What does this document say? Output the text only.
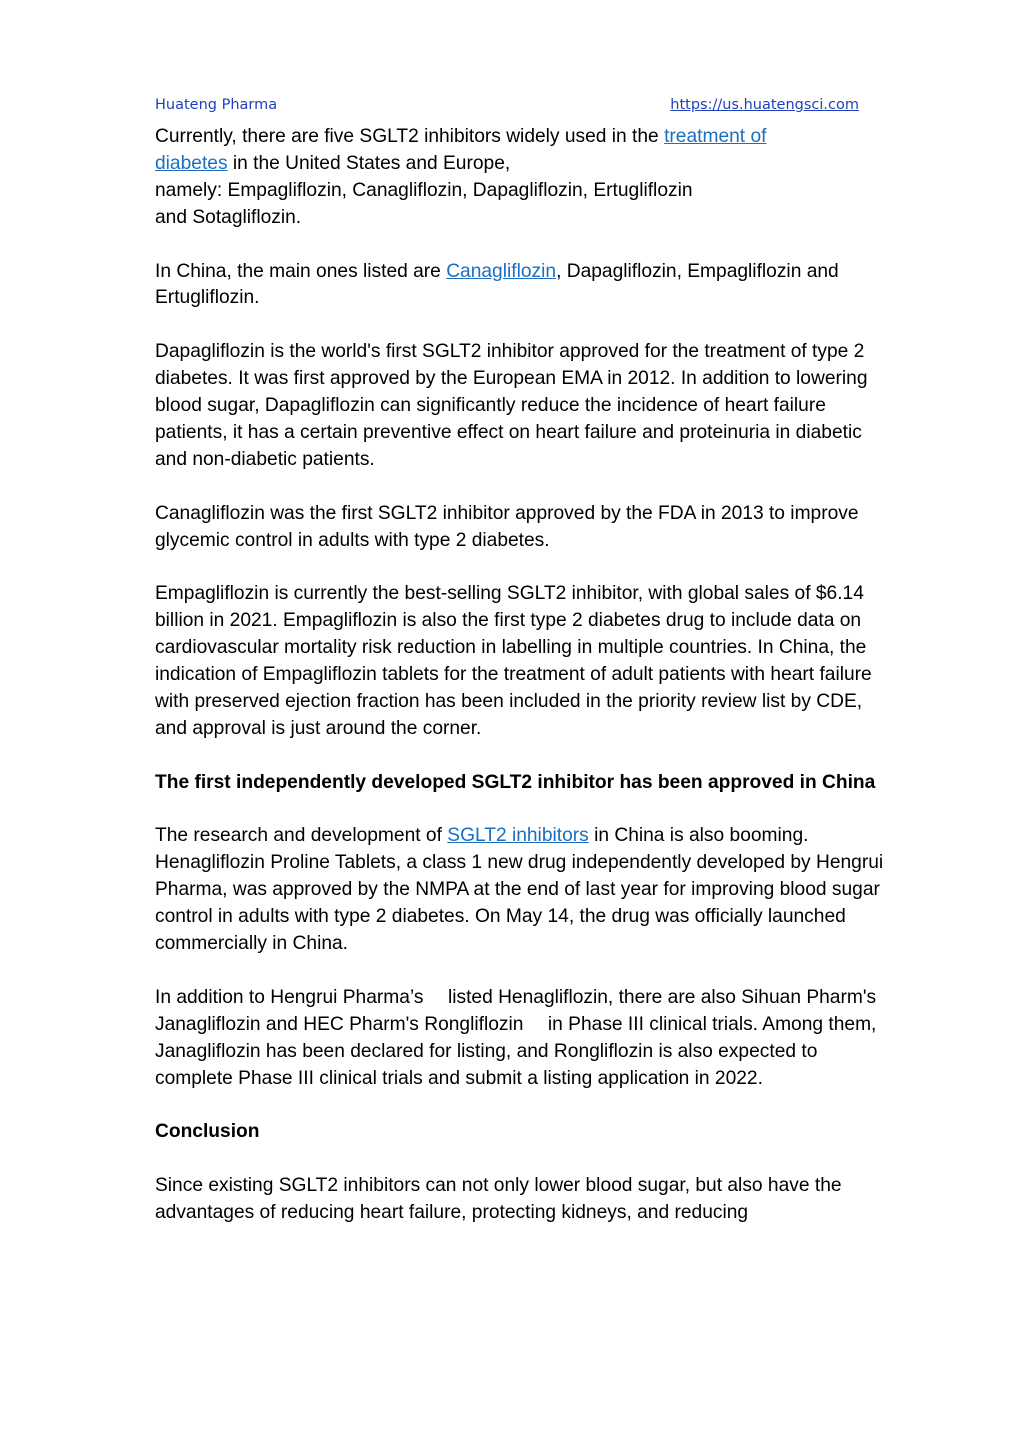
Huateng Pharma	https://us.huatengsci.com

Currently, there are five SGLT2 inhibitors widely used in the treatment of
diabetes in the United States and Europe,
namely: Empagliflozin, Canagliflozin, Dapagliflozin, Ertugliflozin
and Sotagliflozin.

In China, the main ones listed are Canagliflozin, Dapagliflozin, Empagliflozin and Ertugliflozin.

Dapagliflozin is the world's first SGLT2 inhibitor approved for the treatment of type 2 diabetes. It was first approved by the European EMA in 2012. In addition to lowering blood sugar, Dapagliflozin can significantly reduce the incidence of heart failure patients, it has a certain preventive effect on heart failure and proteinuria in diabetic and non-diabetic patients.

Canagliflozin was the first SGLT2 inhibitor approved by the FDA in 2013 to improve glycemic control in adults with type 2 diabetes.

Empagliflozin is currently the best-selling SGLT2 inhibitor, with global sales of $6.14 billion in 2021. Empagliflozin is also the first type 2 diabetes drug to include data on cardiovascular mortality risk reduction in labelling in multiple countries. In China, the indication of Empagliflozin tablets for the treatment of adult patients with heart failure with preserved ejection fraction has been included in the priority review list by CDE, and approval is just around the corner.

The first independently developed SGLT2 inhibitor has been approved in China

The research and development of SGLT2 inhibitors in China is also booming. Henagliflozin Proline Tablets, a class 1 new drug independently developed by Hengrui Pharma, was approved by the NMPA at the end of last year for improving blood sugar control in adults with type 2 diabetes. On May 14, the drug was officially launched commercially in China.

In addition to Hengrui Pharma’s 　listed Henagliflozin, there are also Sihuan Pharm's Janagliflozin and HEC Pharm's Rongliflozin 　in Phase III clinical trials. Among them, Janagliflozin has been declared for listing, and Rongliflozin is also expected to complete Phase III clinical trials and submit a listing application in 2022.

Conclusion

Since existing SGLT2 inhibitors can not only lower blood sugar, but also have the advantages of reducing heart failure, protecting kidneys, and reducing
